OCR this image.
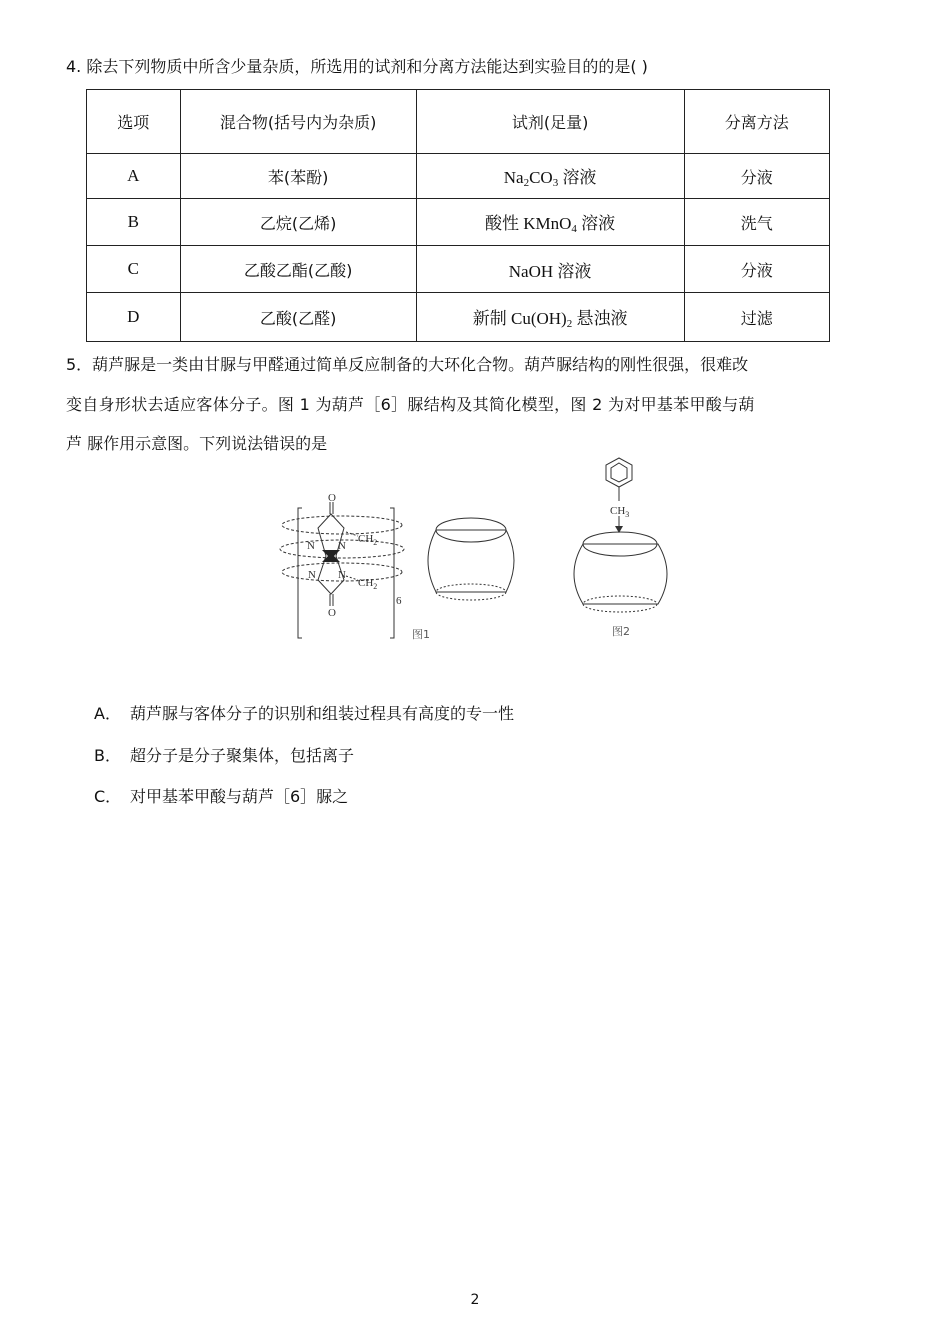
4. 除去下列物质中所含少量杂质，所选用的试剂和分离方法能达到实验目的的是( )
选项	混合物(括号内为杂质)	试剂(足量)	分离方法
A	苯(苯酚)	$Na_2CO_3$ 溶液	分液
B	乙烷(乙烯)	酸性 KMnO$_4$ 溶液	洗气
C	乙酸乙酯(乙酸)	NaOH 溶液	分液
D	乙酸(乙醛)	新制 $Cu(OH)_2$ 悬浊液	过滤
5．葫芦脲是一类由甘脲与甲醛通过简单反应制备的大环化合物。葫芦脲结构的刚性很强，很难改
变自身形状去适应客体分子。图 1 为葫芦［6］脲结构及其简化模型，图 2 为对甲基苯甲酸与葫
芦 脲作用示意图。下列说法错误的是
O
O
N N
N N
$CH_2$
$CH_2$
6
$CH_3$
图1	图2
A． 葫芦脲与客体分子的识别和组装过程具有高度的专一性
B． 超分子是分子聚集体，包括离子
C． 对甲基苯甲酸与葫芦［6］脲之
2
